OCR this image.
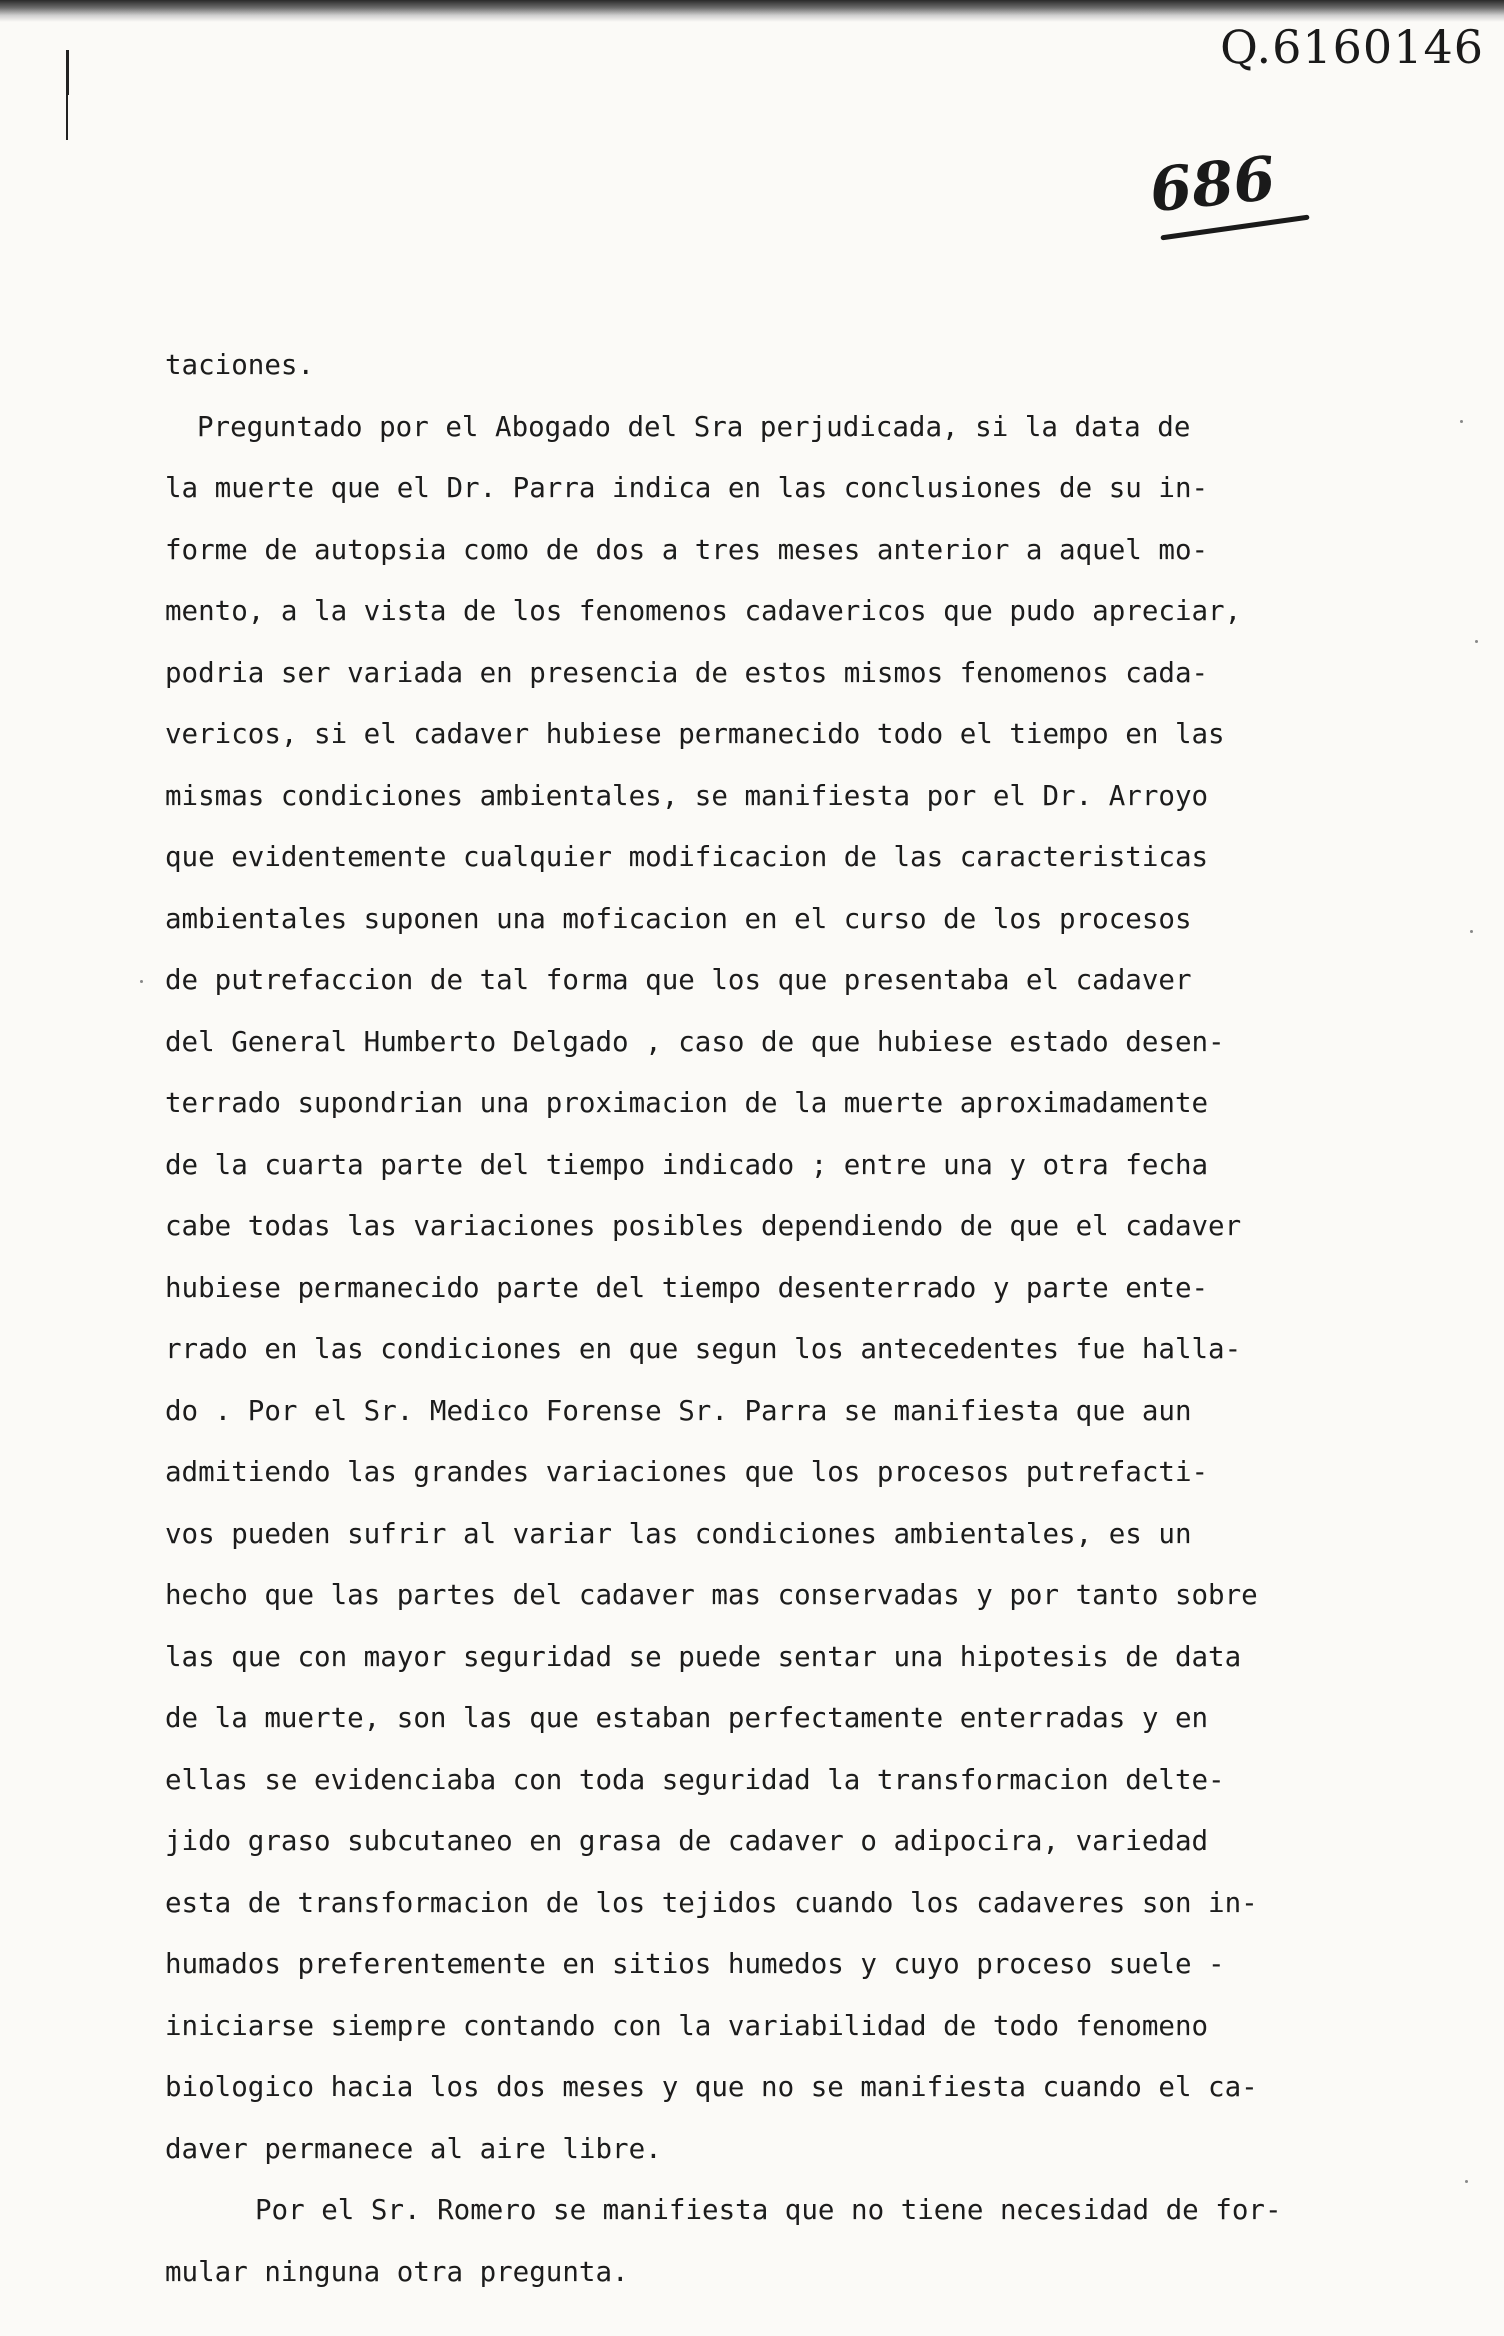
Q.6160146
686
taciones.
Preguntado por el Abogado del Sra perjudicada, si la data de
la muerte que el Dr. Parra indica en las conclusiones de su in-
forme de autopsia como de dos a tres meses anterior a aquel mo-
mento, a la vista de los fenomenos cadavericos que pudo apreciar,
podria ser variada en presencia de estos mismos fenomenos cada-
vericos, si el cadaver hubiese permanecido todo el tiempo en las
mismas condiciones ambientales, se manifiesta por el Dr. Arroyo
que evidentemente cualquier modificacion de las caracteristicas
ambientales suponen una moficacion en el curso de los procesos
de putrefaccion de tal forma que los que presentaba el cadaver
del General Humberto Delgado , caso de que hubiese estado desen-
terrado supondrian una proximacion de la muerte aproximadamente
de la cuarta parte del tiempo indicado ; entre una y otra fecha
cabe todas las variaciones posibles dependiendo de que el cadaver
hubiese permanecido parte del tiempo desenterrado y parte ente-
rrado en las condiciones en que segun los antecedentes fue halla-
do . Por el Sr. Medico Forense Sr. Parra se manifiesta que aun
admitiendo las grandes variaciones que los procesos putrefacti-
vos pueden sufrir al variar las condiciones ambientales, es un
hecho que las partes del cadaver mas conservadas y por tanto sobre
las que con mayor seguridad se puede sentar una hipotesis de data
de la muerte, son las que estaban perfectamente enterradas y en
ellas se evidenciaba con toda seguridad la transformacion delte-
jido graso subcutaneo en grasa de cadaver o adipocira, variedad
esta de transformacion de los tejidos cuando los cadaveres son in-
humados preferentemente en sitios humedos y cuyo proceso suele -
iniciarse siempre contando con la variabilidad de todo fenomeno
biologico hacia los dos meses y que no se manifiesta cuando el ca-
daver permanece al aire libre.
Por el Sr. Romero se manifiesta que no tiene necesidad de for-
mular ninguna otra pregunta.
